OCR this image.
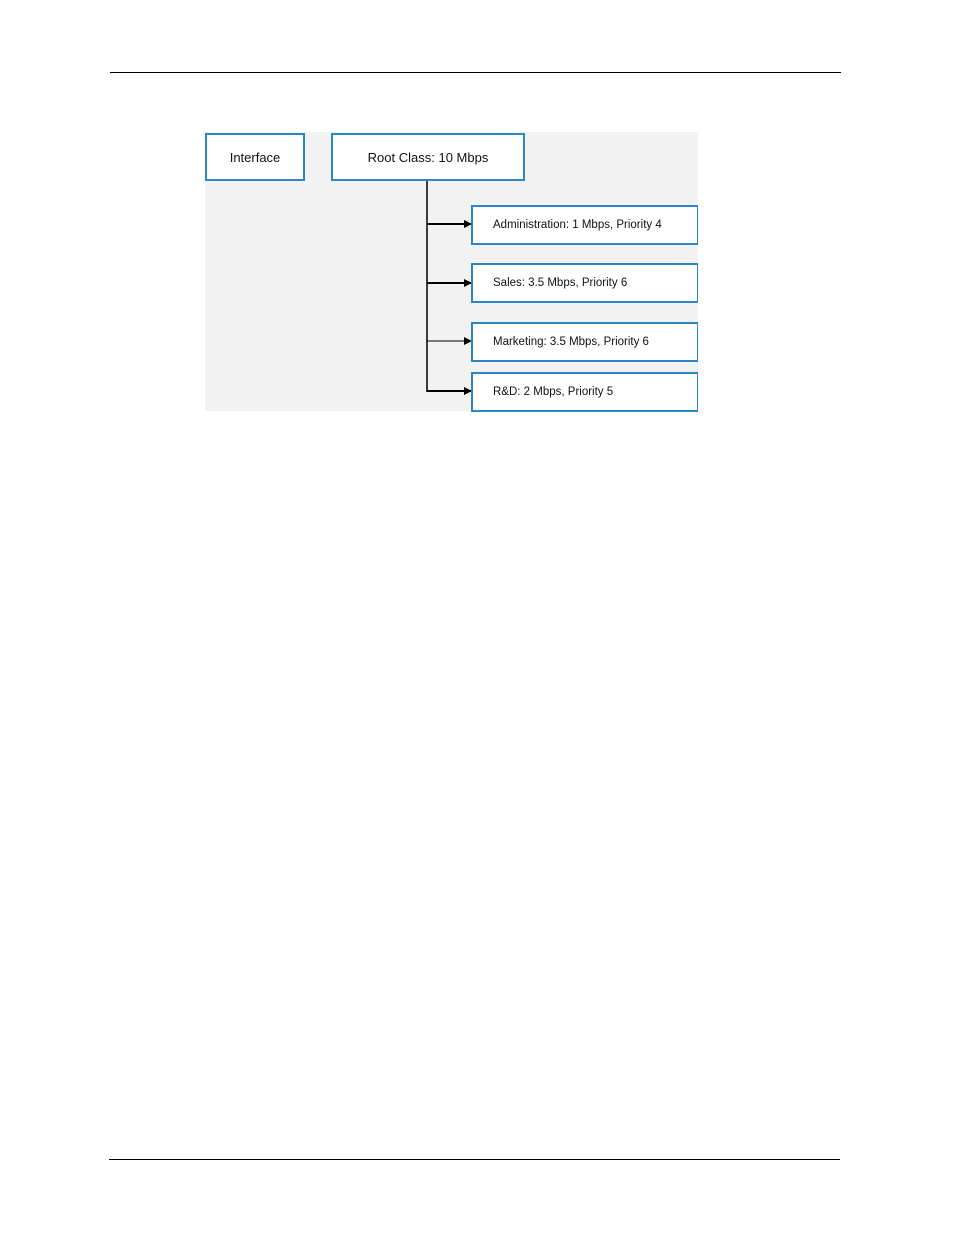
Interface	Root Class: 10 Mbps
Administration: 1 Mbps, Priority 4
Sales: 3.5 Mbps, Priority 6
Marketing: 3.5 Mbps, Priority 6
R&D: 2 Mbps, Priority 5
